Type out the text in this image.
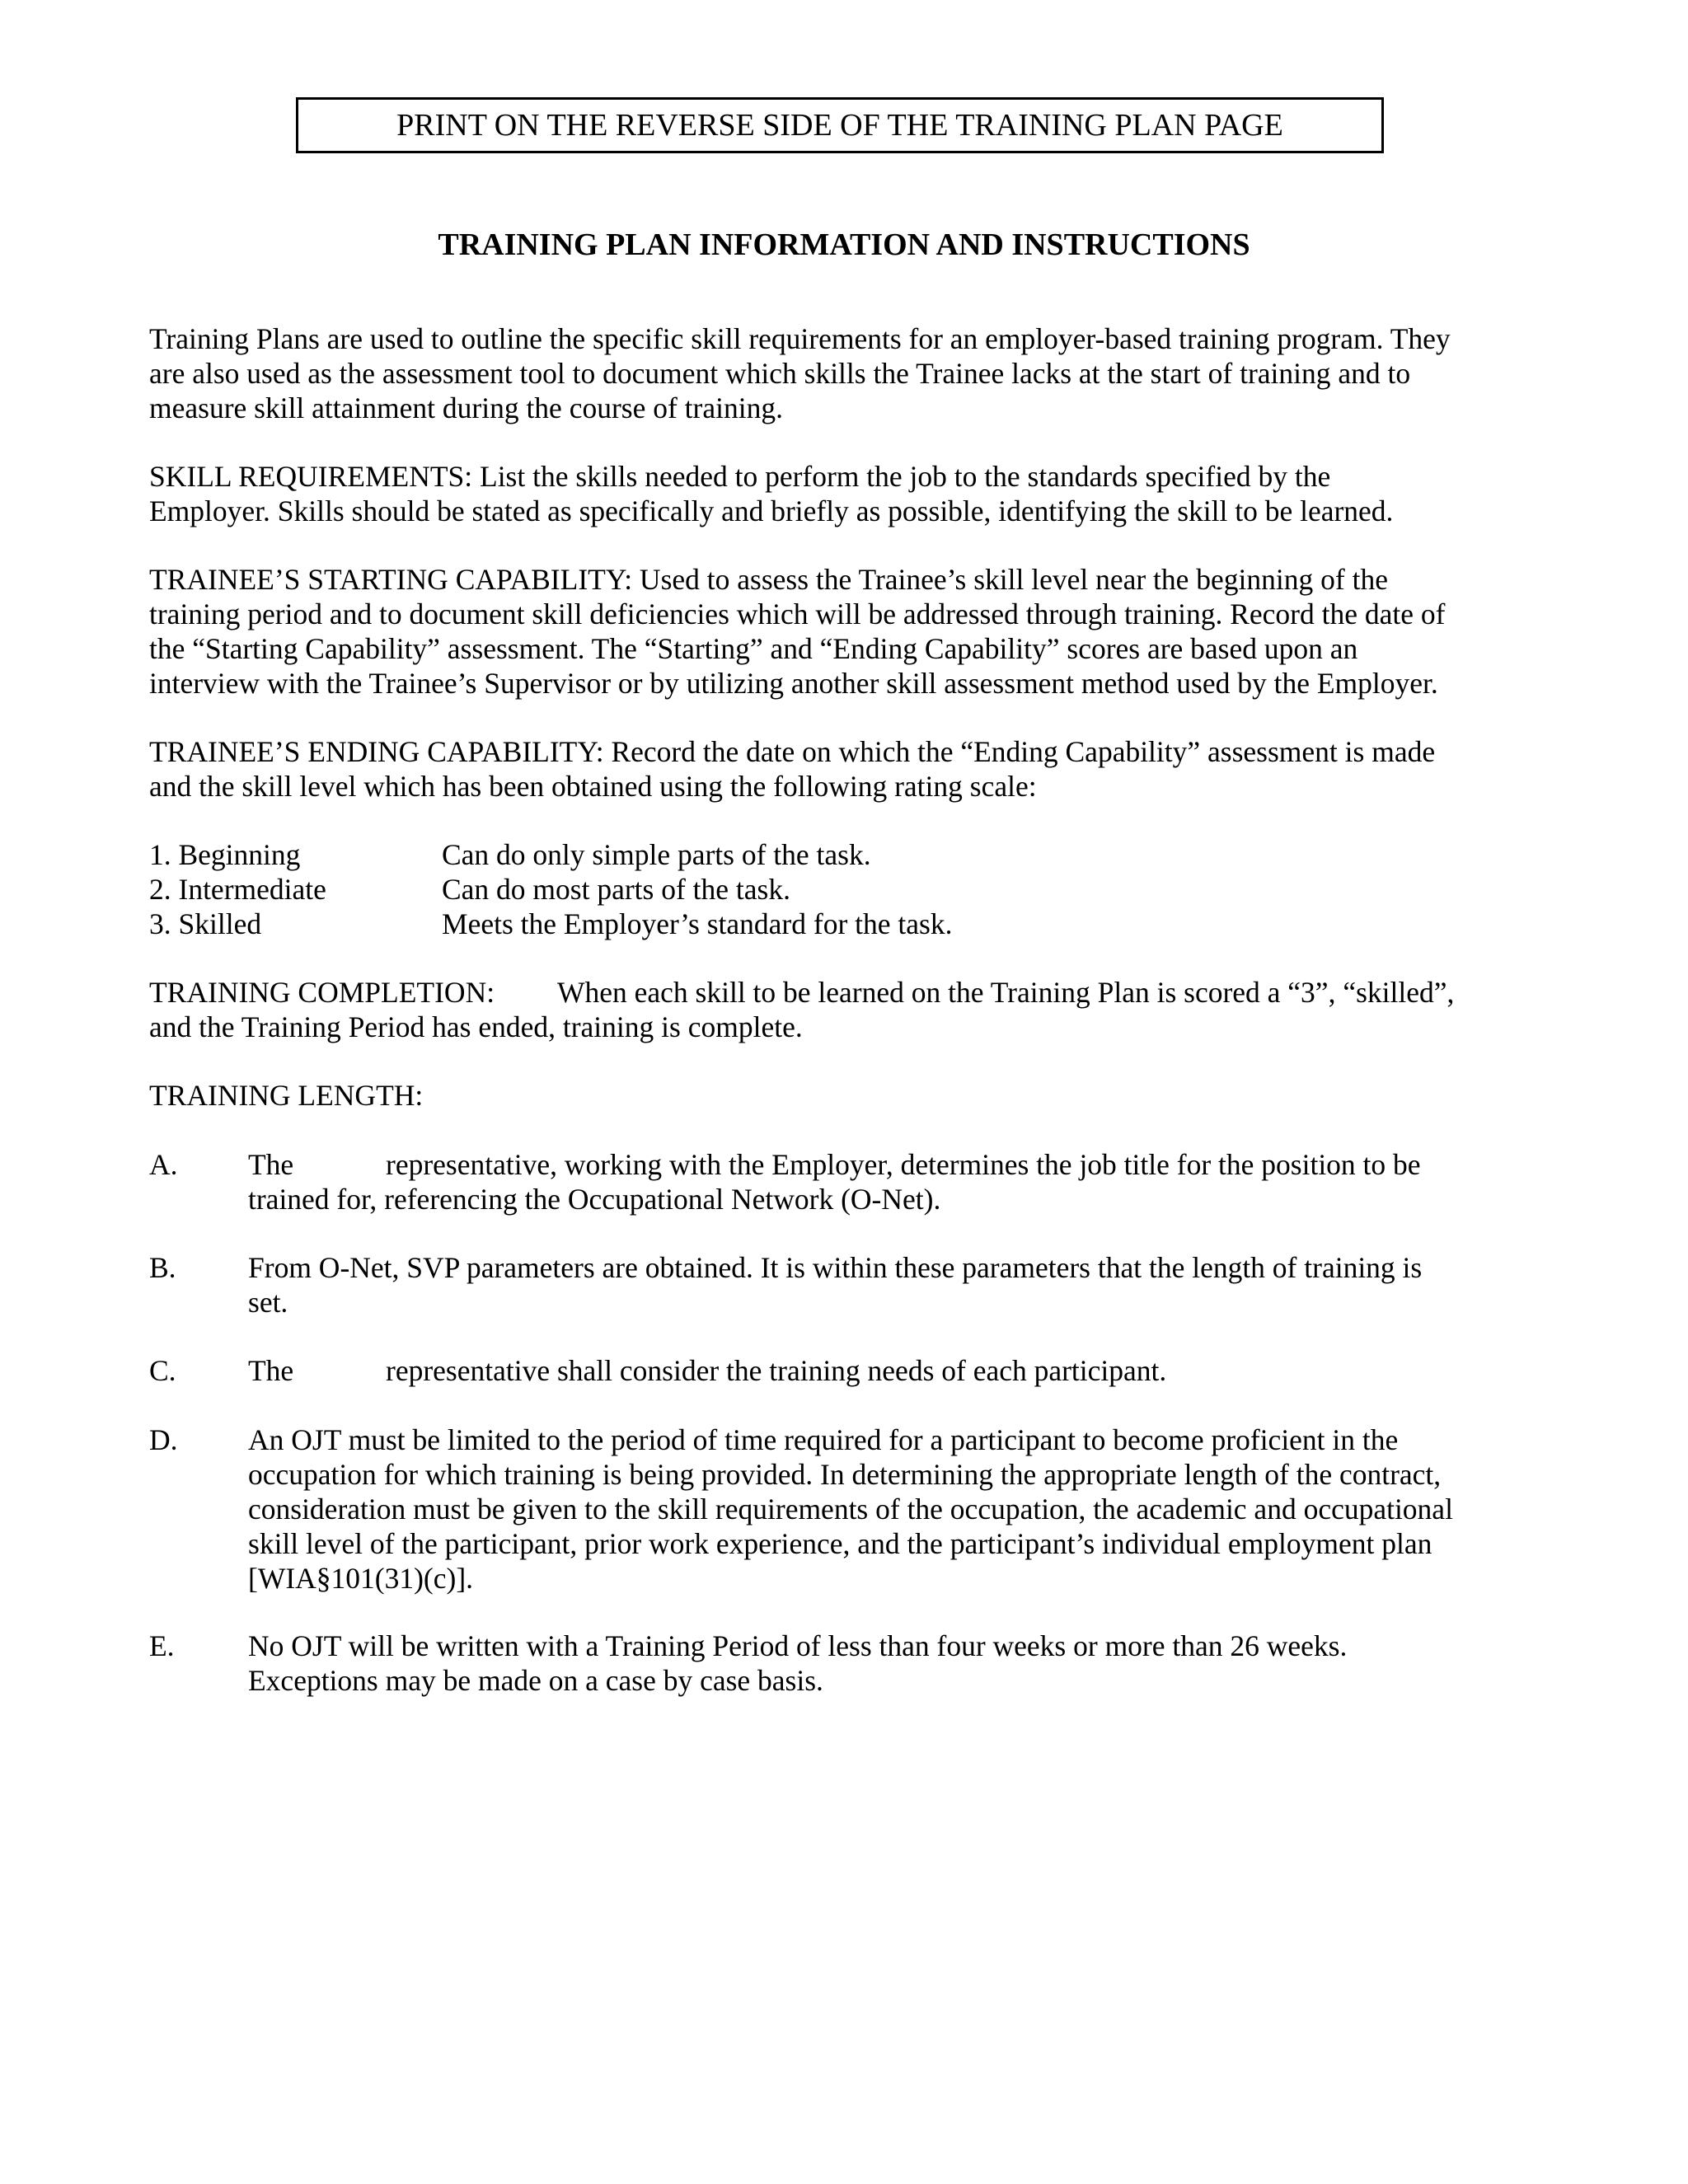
PRINT ON THE REVERSE SIDE OF THE TRAINING PLAN PAGE
TRAINING PLAN INFORMATION AND INSTRUCTIONS

Training Plans are used to outline the specific skill requirements for an employer-based training program. They
are also used as the assessment tool to document which skills the Trainee lacks at the start of training and to
measure skill attainment during the course of training.

SKILL REQUIREMENTS: List the skills needed to perform the job to the standards specified by the
Employer. Skills should be stated as specifically and briefly as possible, identifying the skill to be learned.

TRAINEE’S STARTING CAPABILITY: Used to assess the Trainee’s skill level near the beginning of the
training period and to document skill deficiencies which will be addressed through training. Record the date of
the “Starting Capability” assessment. The “Starting” and “Ending Capability” scores are based upon an
interview with the Trainee’s Supervisor or by utilizing another skill assessment method used by the Employer.

TRAINEE’S ENDING CAPABILITY: Record the date on which the “Ending Capability” assessment is made
and the skill level which has been obtained using the following rating scale:

1. Beginning	Can do only simple parts of the task.
2. Intermediate	Can do most parts of the task.
3. Skilled	Meets the Employer’s standard for the task.

TRAINING COMPLETION: When each skill to be learned on the Training Plan is scored a “3”, “skilled”,
and the Training Period has ended, training is complete.

TRAINING LENGTH:

A.	The	representative, working with the Employer, determines the job title for the position to be
trained for, referencing the Occupational Network (O-Net).
B.	From O-Net, SVP parameters are obtained. It is within these parameters that the length of training is
set.
C.	The	representative shall consider the training needs of each participant.
D.	An OJT must be limited to the period of time required for a participant to become proficient in the
occupation for which training is being provided. In determining the appropriate length of the contract,
consideration must be given to the skill requirements of the occupation, the academic and occupational
skill level of the participant, prior work experience, and the participant’s individual employment plan
[WIA§101(31)(c)].
E.	No OJT will be written with a Training Period of less than four weeks or more than 26 weeks.
Exceptions may be made on a case by case basis.
